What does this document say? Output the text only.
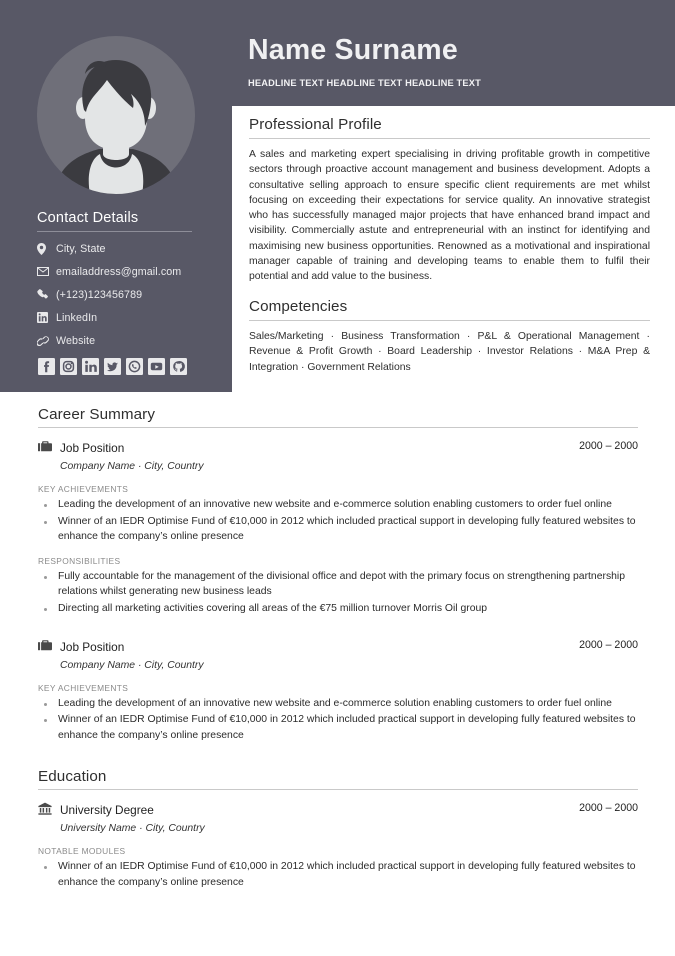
Name Surname
HEADLINE TEXT HEADLINE TEXT HEADLINE TEXT
Contact Details
City, State
emailaddress@gmail.com
(+123)123456789
LinkedIn
Website
Professional Profile
A sales and marketing expert specialising in driving profitable growth in competitive sectors through proactive account management and business development. Adopts a consultative selling approach to ensure specific client requirements are met whilst focusing on exceeding their expectations for service quality. An innovative strategist who has successfully managed major projects that have enhanced brand impact and visibility. Commercially astute and entrepreneurial with an instinct for identifying and maximising new business opportunities. Renowned as a motivational and inspirational manager capable of training and developing teams to enable them to fulfil their potential and add value to the business.
Competencies
Sales/Marketing · Business Transformation · P&L & Operational Management · Revenue & Profit Growth · Board Leadership · Investor Relations · M&A Prep & Integration · Government Relations
Career Summary
Job Position	2000 – 2000
Company Name · City, Country
KEY ACHIEVEMENTS
Leading the development of an innovative new website and e-commerce solution enabling customers to order fuel online
Winner of an IEDR Optimise Fund of €10,000 in 2012 which included practical support in developing fully featured websites to enhance the company’s online presence
RESPONSIBILITIES
Fully accountable for the management of the divisional office and depot with the primary focus on strengthening partnership relations whilst generating new business leads
Directing all marketing activities covering all areas of the €75 million turnover Morris Oil group
Job Position	2000 – 2000
Company Name · City, Country
KEY ACHIEVEMENTS
Leading the development of an innovative new website and e-commerce solution enabling customers to order fuel online
Winner of an IEDR Optimise Fund of €10,000 in 2012 which included practical support in developing fully featured websites to enhance the company’s online presence
Education
University Degree	2000 – 2000
University Name · City, Country
NOTABLE MODULES
Winner of an IEDR Optimise Fund of €10,000 in 2012 which included practical support in developing fully featured websites to enhance the company’s online presence
